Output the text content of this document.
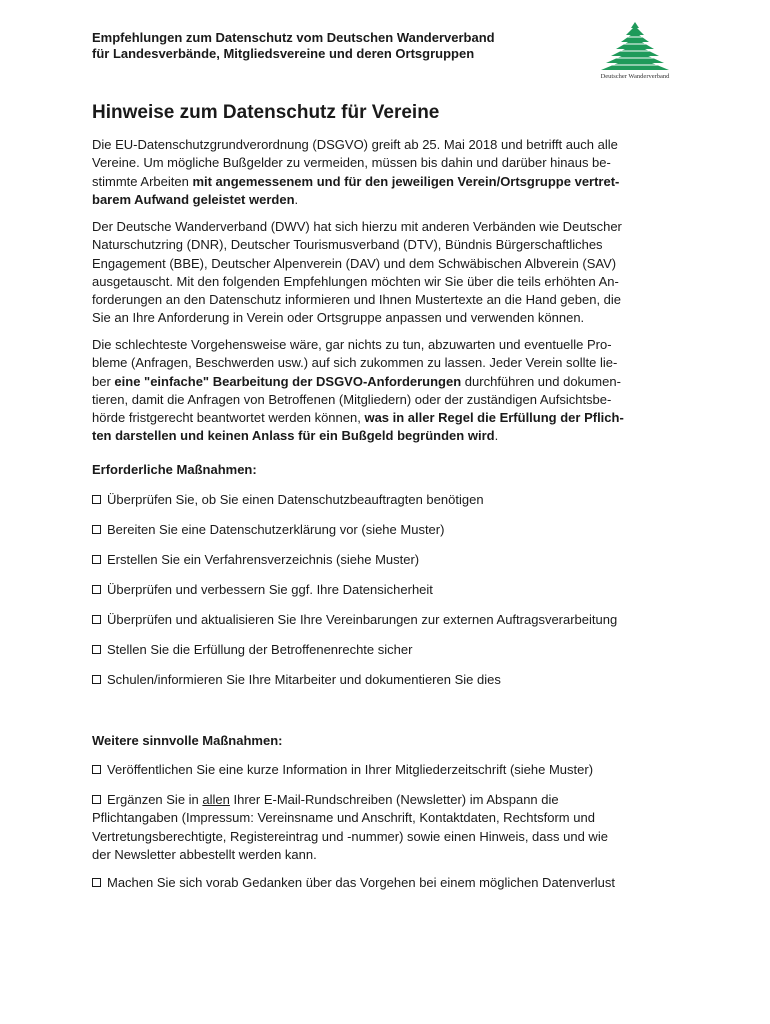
Empfehlungen zum Datenschutz vom Deutschen Wanderverband
für Landesverbände, Mitgliedsvereine und deren Ortsgruppen
Deutscher Wanderverband
Hinweise zum Datenschutz für Vereine

Die EU-Datenschutzgrundverordnung (DSGVO) greift ab 25. Mai 2018 und betrifft auch alle
Vereine. Um mögliche Bußgelder zu vermeiden, müssen bis dahin und darüber hinaus be-
stimmte Arbeiten mit angemessenem und für den jeweiligen Verein/Ortsgruppe vertret-
barem Aufwand geleistet werden.

Der Deutsche Wanderverband (DWV) hat sich hierzu mit anderen Verbänden wie Deutscher
Naturschutzring (DNR), Deutscher Tourismusverband (DTV), Bündnis Bürgerschaftliches
Engagement (BBE), Deutscher Alpenverein (DAV) und dem Schwäbischen Albverein (SAV)
ausgetauscht. Mit den folgenden Empfehlungen möchten wir Sie über die teils erhöhten An-
forderungen an den Datenschutz informieren und Ihnen Mustertexte an die Hand geben, die
Sie an Ihre Anforderung in Verein oder Ortsgruppe anpassen und verwenden können.

Die schlechteste Vorgehensweise wäre, gar nichts zu tun, abzuwarten und eventuelle Pro-
bleme (Anfragen, Beschwerden usw.) auf sich zukommen zu lassen. Jeder Verein sollte lie-
ber eine "einfache" Bearbeitung der DSGVO-Anforderungen durchführen und dokumen-
tieren, damit die Anfragen von Betroffenen (Mitgliedern) oder der zuständigen Aufsichtsbe-
hörde fristgerecht beantwortet werden können, was in aller Regel die Erfüllung der Pflich-
ten darstellen und keinen Anlass für ein Bußgeld begründen wird.

Erforderliche Maßnahmen:
Überprüfen Sie, ob Sie einen Datenschutzbeauftragten benötigen
Bereiten Sie eine Datenschutzerklärung vor (siehe Muster)
Erstellen Sie ein Verfahrensverzeichnis (siehe Muster)
Überprüfen und verbessern Sie ggf. Ihre Datensicherheit
Überprüfen und aktualisieren Sie Ihre Vereinbarungen zur externen Auftragsverarbeitung
Stellen Sie die Erfüllung der Betroffenenrechte sicher
Schulen/informieren Sie Ihre Mitarbeiter und dokumentieren Sie dies
Weitere sinnvolle Maßnahmen:
Veröffentlichen Sie eine kurze Information in Ihrer Mitgliederzeitschrift (siehe Muster)
Ergänzen Sie in allen Ihrer E-Mail-Rundschreiben (Newsletter) im Abspann die
Pflichtangaben (Impressum: Vereinsname und Anschrift, Kontaktdaten, Rechtsform und
Vertretungsberechtigte, Registereintrag und -nummer) sowie einen Hinweis, dass und wie
der Newsletter abbestellt werden kann.
Machen Sie sich vorab Gedanken über das Vorgehen bei einem möglichen Datenverlust
